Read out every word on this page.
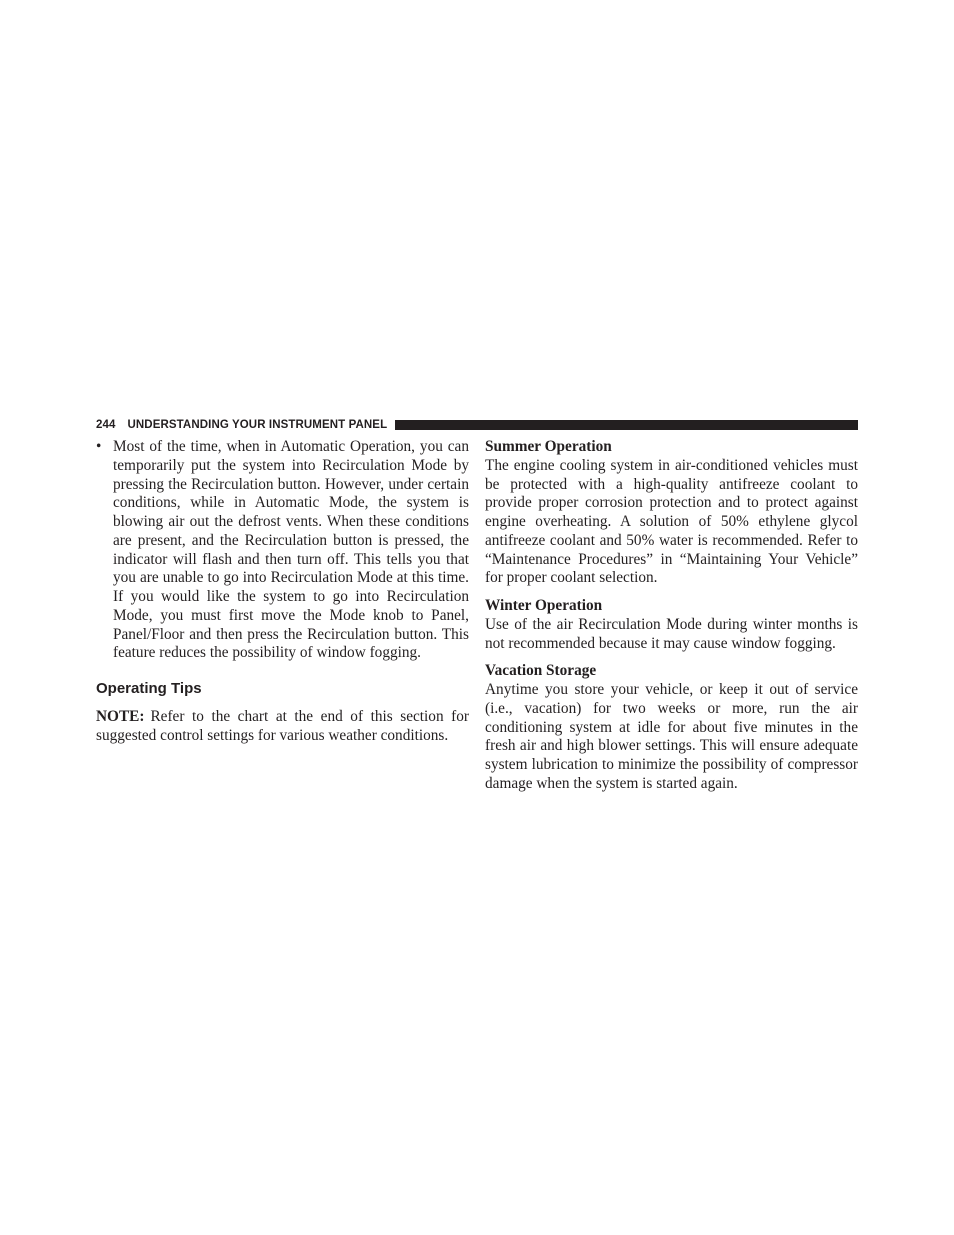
244 UNDERSTANDING YOUR INSTRUMENT PANEL
• Most of the time, when in Automatic Operation, you can temporarily put the system into Recirculation Mode by pressing the Recirculation button. However, under certain conditions, while in Automatic Mode, the system is blowing air out the defrost vents. When these conditions are present, and the Recirculation button is pressed, the indicator will flash and then turn off. This tells you that you are unable to go into Recirculation Mode at this time. If you would like the system to go into Recirculation Mode, you must first move the Mode knob to Panel, Panel/Floor and then press the Recirculation button. This feature reduces the possibility of window fogging.

Operating Tips

NOTE: Refer to the chart at the end of this section for suggested control settings for various weather conditions.

Summer Operation

The engine cooling system in air-conditioned vehicles must be protected with a high-quality antifreeze coolant to provide proper corrosion protection and to protect against engine overheating. A solution of 50% ethylene glycol antifreeze coolant and 50% water is recommended. Refer to “Maintenance Procedures” in “Maintaining Your Vehicle” for proper coolant selection.

Winter Operation

Use of the air Recirculation Mode during winter months is not recommended because it may cause window fogging.

Vacation Storage

Anytime you store your vehicle, or keep it out of service (i.e., vacation) for two weeks or more, run the air conditioning system at idle for about five minutes in the fresh air and high blower settings. This will ensure adequate system lubrication to minimize the possibility of compressor damage when the system is started again.
